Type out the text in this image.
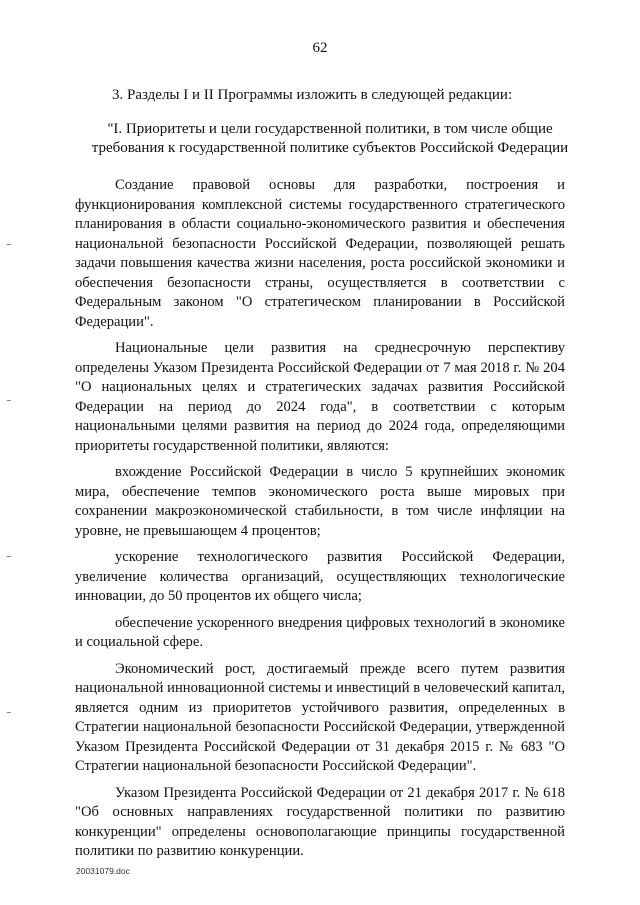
62
3. Разделы I и II Программы изложить в следующей редакции:
"I. Приоритеты и цели государственной политики, в том числе общие требования к государственной политике субъектов Российской Федерации

Создание правовой основы для разработки, построения и функционирования комплексной системы государственного стратегического планирования в области социально-экономического развития и обеспечения национальной безопасности Российской Федерации, позволяющей решать задачи повышения качества жизни населения, роста российской экономики и обеспечения безопасности страны, осуществляется в соответствии с Федеральным законом "О стратегическом планировании в Российской Федерации".

Национальные цели развития на среднесрочную перспективу определены Указом Президента Российской Федерации от 7 мая 2018 г. № 204 "О национальных целях и стратегических задачах развития Российской Федерации на период до 2024 года", в соответствии с которым национальными целями развития на период до 2024 года, определяющими приоритеты государственной политики, являются:

вхождение Российской Федерации в число 5 крупнейших экономик мира, обеспечение темпов экономического роста выше мировых при сохранении макроэкономической стабильности, в том числе инфляции на уровне, не превышающем 4 процентов;

ускорение технологического развития Российской Федерации, увеличение количества организаций, осуществляющих технологические инновации, до 50 процентов их общего числа;

обеспечение ускоренного внедрения цифровых технологий в экономике и социальной сфере.

Экономический рост, достигаемый прежде всего путем развития национальной инновационной системы и инвестиций в человеческий капитал, является одним из приоритетов устойчивого развития, определенных в Стратегии национальной безопасности Российской Федерации, утвержденной Указом Президента Российской Федерации от 31 декабря 2015 г. № 683 "О Стратегии национальной безопасности Российской Федерации".

Указом Президента Российской Федерации от 21 декабря 2017 г. № 618 "Об основных направлениях государственной политики по развитию конкуренции" определены основополагающие принципы государственной политики по развитию конкуренции.

20031079.doc
